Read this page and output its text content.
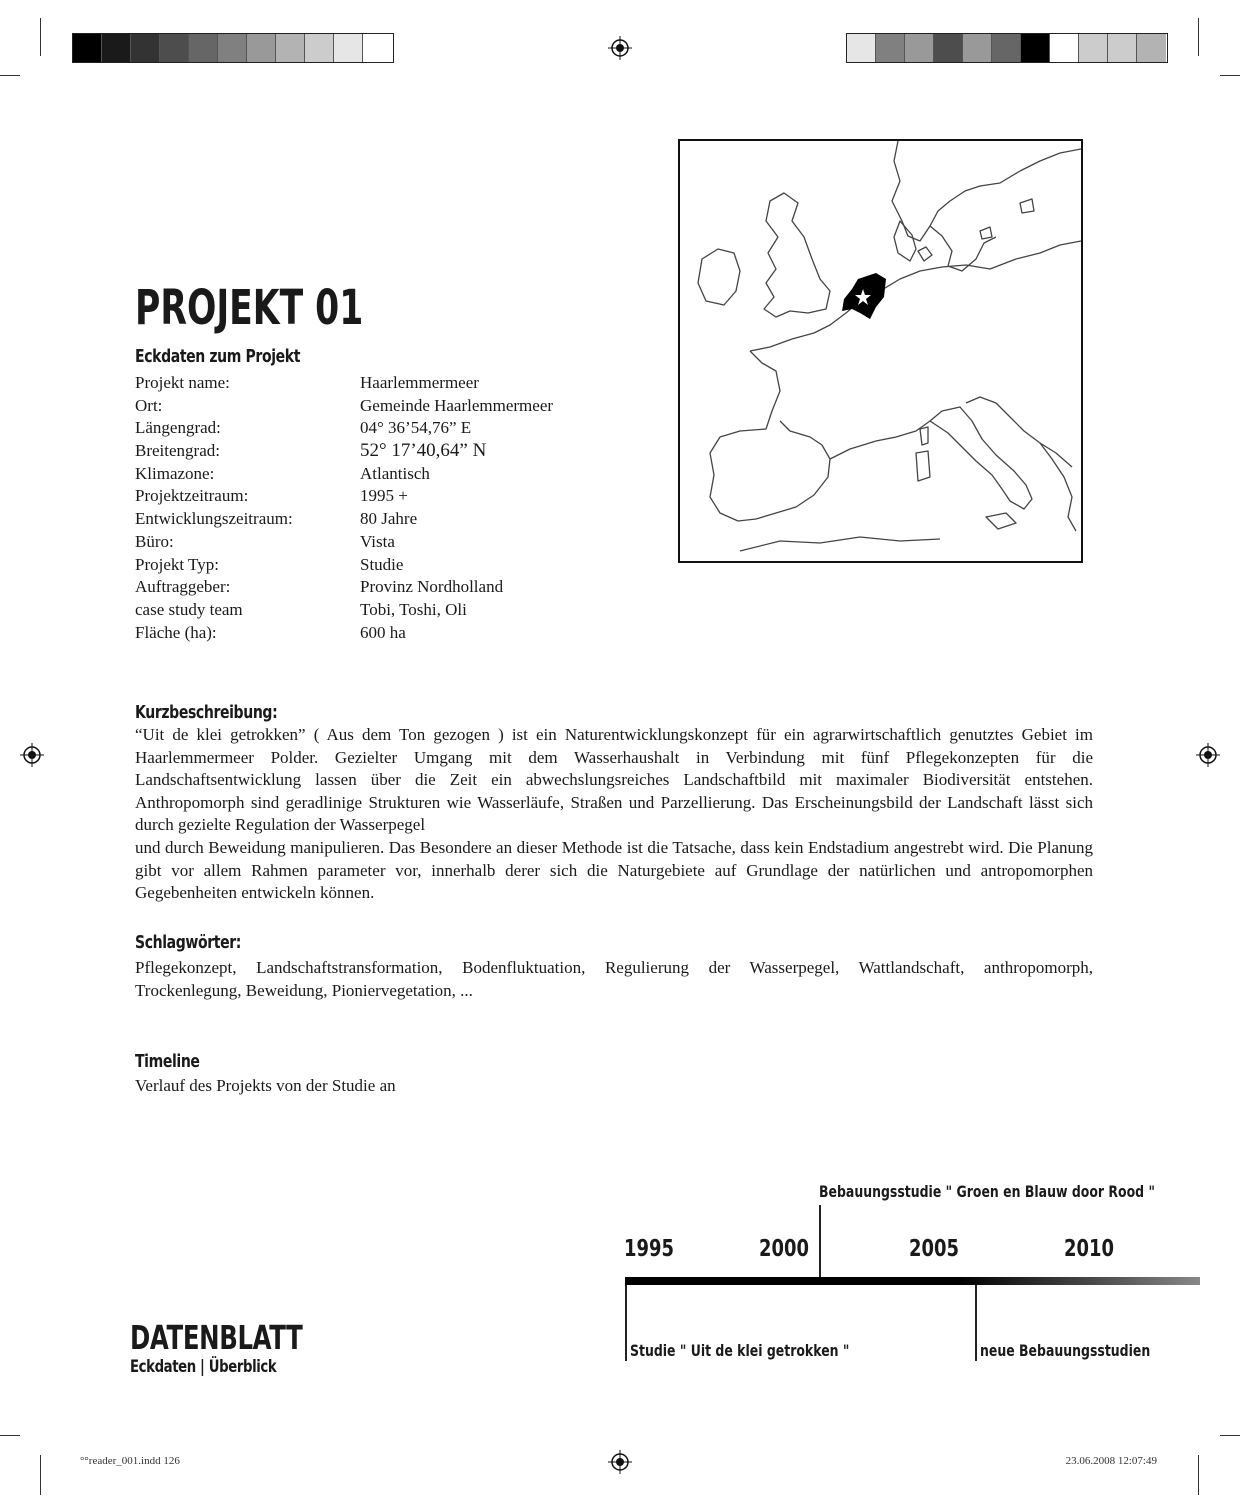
PROJEKT 01
Eckdaten zum Projekt
Projekt name:	Haarlemmermeer
Ort:	Gemeinde Haarlemmermeer
Längengrad:	04° 36’54,76” E
Breitengrad:	52° 17’40,64” N
Klimazone:	Atlantisch
Projektzeitraum:	1995 +
Entwicklungszeitraum:	80 Jahre
Büro:	Vista
Projekt Typ:	Studie
Auftraggeber:	Provinz Nordholland
case study team	Tobi, Toshi, Oli
Fläche (ha):	600 ha
Kurzbeschreibung:

“Uit de klei getrokken” ( Aus dem Ton gezogen ) ist ein Naturentwicklungskonzept für ein agrarwirtschaftlich genutztes Gebiet im Haarlemmermeer Polder. Gezielter Umgang mit dem Wasserhaushalt in Verbindung mit fünf Pflegekonzepten für die Landschaftsentwicklung lassen über die Zeit ein abwechslungsreiches Landschaftbild mit maximaler Biodiversität entstehen. Anthropomorph sind geradlinige Strukturen wie Wasserläufe, Straßen und Parzellierung. Das Erscheinungsbild der Landschaft lässt sich durch gezielte Regulation der Wasserpegel

und durch Beweidung manipulieren. Das Besondere an dieser Methode ist die Tatsache, dass kein Endstadium angestrebt wird. Die Planung gibt vor allem Rahmen parameter vor, innerhalb derer sich die Naturgebiete auf Grundlage der natürlichen und antropomorphen Gegebenheiten entwickeln können.

Schlagwörter:
Pflegekonzept, Landschaftstransformation, Bodenfluktuation, Regulierung der Wasserpegel, Wattlandschaft, anthropomorph, Trockenlegung, Beweidung, Pioniervegetation, ...
Timeline
Verlauf des Projekts von der Studie an
Bebauungsstudie " Groen en Blauw door Rood "
1995	2000	2005	2010
Studie " Uit de klei getrokken "	neue Bebauungsstudien
DATENBLATT
Eckdaten | Überblick
°°reader_001.indd 126	23.06.2008 12:07:49
